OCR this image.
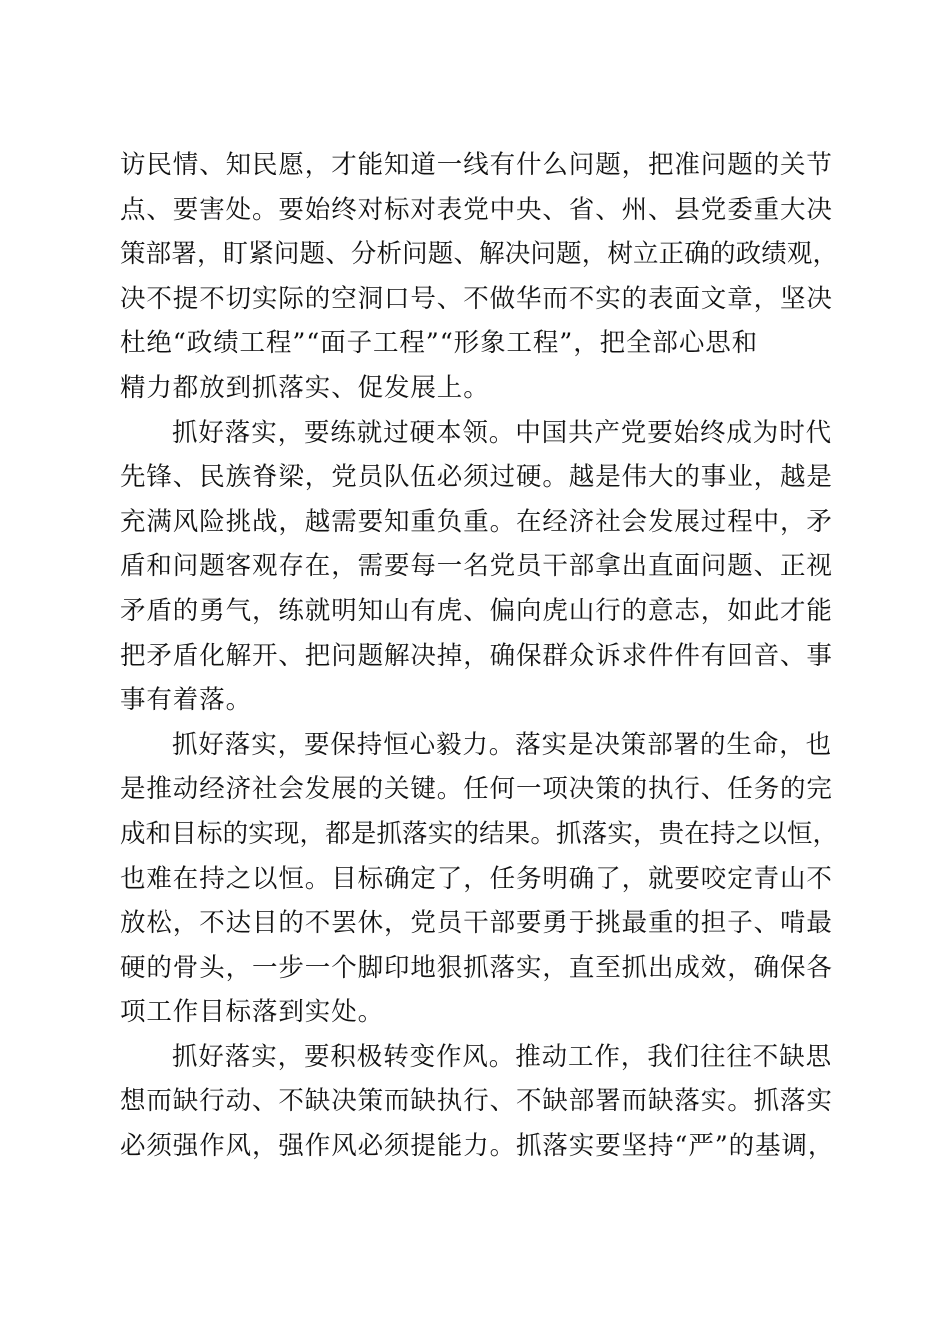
访民情、知民愿，才能知道一线有什么问题，把准问题的关节
点、要害处。要始终对标对表党中央、省、州、县党委重大决
策部署，盯紧问题、分析问题、解决问题，树立正确的政绩观，
决不提不切实际的空洞口号、不做华而不实的表面文章，坚决
杜绝“政绩工程”“面子工程”“形象工程”，把全部心思和
精力都放到抓落实、促发展上。
抓好落实，要练就过硬本领。中国共产党要始终成为时代
先锋、民族脊梁，党员队伍必须过硬。越是伟大的事业，越是
充满风险挑战，越需要知重负重。在经济社会发展过程中，矛
盾和问题客观存在，需要每一名党员干部拿出直面问题、正视
矛盾的勇气，练就明知山有虎、偏向虎山行的意志，如此才能
把矛盾化解开、把问题解决掉，确保群众诉求件件有回音、事
事有着落。
抓好落实，要保持恒心毅力。落实是决策部署的生命，也
是推动经济社会发展的关键。任何一项决策的执行、任务的完
成和目标的实现，都是抓落实的结果。抓落实，贵在持之以恒，
也难在持之以恒。目标确定了，任务明确了，就要咬定青山不
放松，不达目的不罢休，党员干部要勇于挑最重的担子、啃最
硬的骨头，一步一个脚印地狠抓落实，直至抓出成效，确保各
项工作目标落到实处。
抓好落实，要积极转变作风。推动工作，我们往往不缺思
想而缺行动、不缺决策而缺执行、不缺部署而缺落实。抓落实
必须强作风，强作风必须提能力。抓落实要坚持“严”的基调，
